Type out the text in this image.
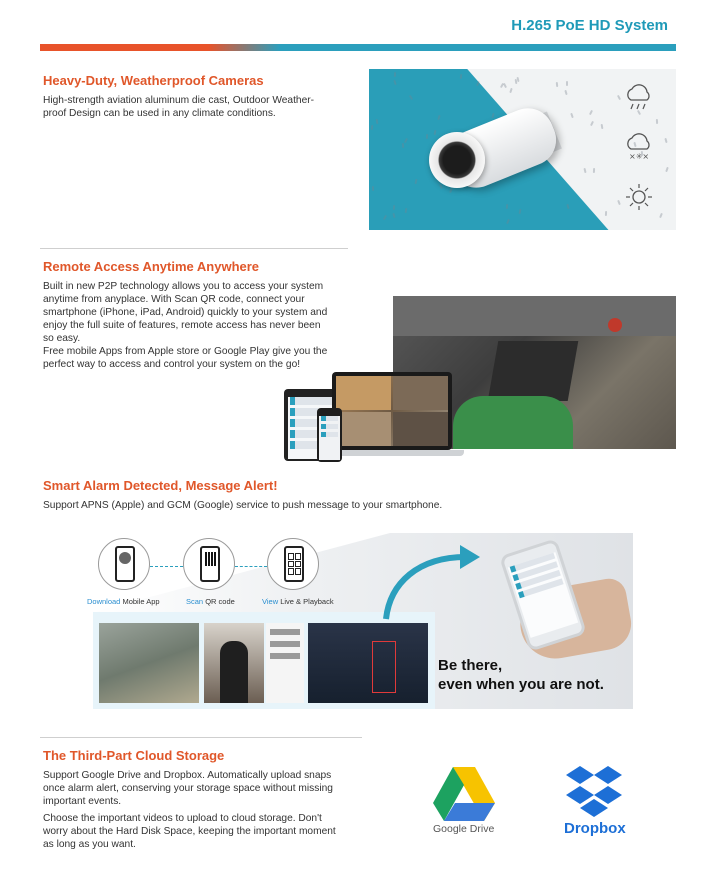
H.265 PoE HD System
Heavy-Duty, Weatherproof Cameras
High-strength aviation aluminum die cast, Outdoor Weather-
proof Design can be used in any climate conditions.
×✳×
Remote Access Anytime Anywhere
Built in new P2P technology allows you to access your system
anytime from anyplace. With Scan QR code, connect your
smartphone (iPhone, iPad, Android) quickly to your system and
enjoy the full suite of features, remote access has never been
so easy.
Free mobile Apps from Apple store or Google Play give you the
perfect way to access and control your system on the go!
Smart Alarm Detected, Message Alert!
Support APNS (Apple) and GCM (Google) service to push message to your smartphone.
Download Mobile App	Scan QR code	View Live & Playback
Be there,
even when you are not.
The Third-Part Cloud Storage
Support Google Drive and Dropbox. Automatically upload snaps
once alarm alert, conserving your storage space without missing
important events.
Choose the important videos to upload to cloud storage. Don't
worry about the Hard Disk Space, keeping the important moment
as long as you want.
Google Drive	Dropbox
